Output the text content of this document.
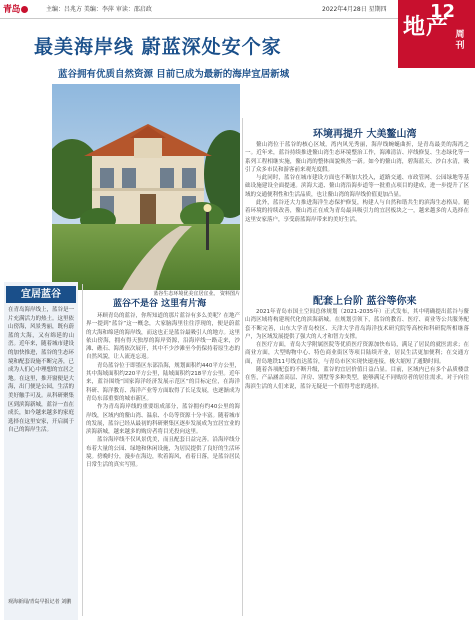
青岛	主编：吕兆方 美编：李萍 审读：邵启政	2022年4月28日 星期四 12
地产 周刊
最美海岸线 蔚蓝深处安个家
蓝谷拥有优质自然资源 目前已成为最新的海岸宜居新城
蓝谷生态环境优美宜居宜业。 资料图片
环境再提升 大美鳌山湾

鳌山湾位于蓝谷的核心区域，湾内风光秀丽，海岸线蜿蜒曲折，是青岛最美的海湾之一。近年来，蓝谷持续推进鳌山湾生态环境整治工作，海滩清洁、岸线修复、生态绿化等一系列工程相继实施，鳌山湾的整体面貌焕然一新。如今的鳌山湾，碧海蓝天、沙白水清，吸引了众多市民和游客前来观光度假。

与此同时，蓝谷在城市建设方面也不断加大投入，道路交通、市政管网、公园绿地等基础设施建设全面提速。滨海大道、鳌山湾沿海步道等一批重点项目的建成，进一步提升了区域的交通便利性和生活品质，也让鳌山湾的海岸线价值更加凸显。

此外，蓝谷还大力推进海洋生态保护修复，构建人与自然和谐共生的滨海生态格局。随着环境的持续改善，鳌山湾正在成为青岛最具吸引力的宜居板块之一，越来越多的人选择在这里安家落户，享受蔚蓝海岸带来的美好生活。

配套上台阶 蓝谷等你来

2021年青岛市国土空间总体规划（2021-2035年）正式发布，其中明确提出蓝谷与鳌山湾区域将构建现代化的滨海新城。在规划引领下，蓝谷的教育、医疗、商业等公共服务配套不断完善，山东大学青岛校区、天津大学青岛海洋技术研究院等高校和科研院所相继落户，为区域发展提供了强大的人才和智力支撑。

在医疗方面，青岛大学附属医院等优质医疗资源加快布局，满足了居民的就医需求；在商业方面，大型购物中心、特色商业街区等项目陆续开业，居民生活更加便利；在交通方面，青岛地铁11号线直达蓝谷，与青岛市区实现快速连接，极大缩短了通勤时间。

随着各项配套的不断升级，蓝谷的宜居价值日益凸显。目前，区域内已有多个品质楼盘在售，产品涵盖高层、洋房、别墅等多种类型，能够满足不同购房者的居住需求。对于向往海滨生活的人们来说，蓝谷无疑是一个值得考虑的选择。

蓝谷不是谷 这里有片海

环顾青岛的蓝谷，你所知道的那片蓝谷有多么美呢？在地产界一提到“蓝谷”这一概念，大家脑海里往往浮现的，便是蔚蓝的大海和绵延的海岸线，而这也正是蓝谷最吸引人的地方。这里依山傍海，拥有得天独厚的海岸资源，沿海岸线一路走来，沙滩、礁石、海湾依次展开，其中不少沙滩至今仍保持着原生态的自然风貌，让人流连忘返。

青岛蓝谷位于即墨区东部沿海，规划面积约440平方公里，其中海域面积约220平方公里，陆域面积约218平方公里。近年来，蓝谷围绕“国家海洋经济发展示范区”的目标定位，在海洋科研、海洋教育、海洋产业等方面取得了长足发展，也逐渐成为青岛东部重要的城市新区。

作为青岛海岸线的重要组成部分，蓝谷拥有约40公里的海岸线，区域内的鳌山湾、温泉、小岛等资源十分丰富。随着城市的发展，蓝谷已经从最初的科研聚集区逐步发展成为宜居宜业的滨海新城，越来越多的购房者将目光投向这里。

蓝谷海岸线不仅风景优美，而且配套日益完善。沿海岸线分布着大量的公园、绿地和休闲设施，为居民提供了良好的生活环境。傍晚时分，漫步在海边，吹着海风，看着日落，是蓝谷居民日常生活的真实写照。

宜居蓝谷
在青岛海岸线上，蓝谷是一片充满活力的热土。这里依山傍海，风景秀丽，既有蔚蓝的大海，又有绵延的山峦。近年来，随着城市建设的加快推进，蓝谷的生态环境和配套设施不断完善，已成为人们心中理想的宜居之地。在这里，推开窗便是大海，出门便是公园，生活的美好触手可及。从科研聚集区到滨海新城，蓝谷一直在成长，如今越来越多的家庭选择在这里安家，开启属于自己的海岸生活。
观海新闻/青岛早报记者 刘鹏
